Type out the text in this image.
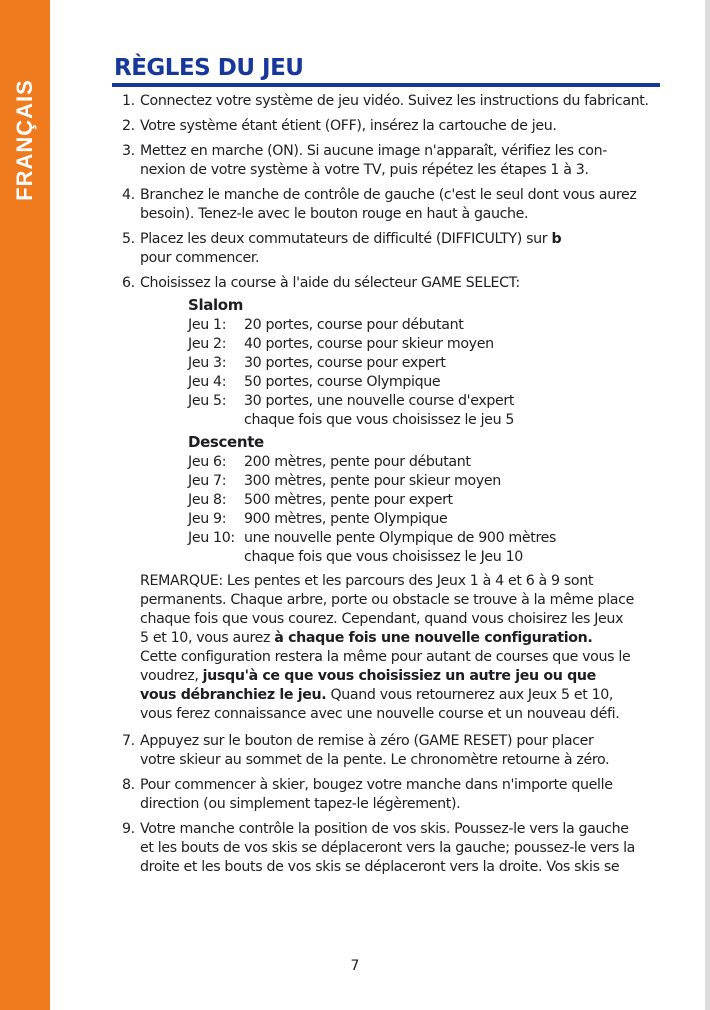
FRANÇAIS
RÈGLES DU JEU
1. Connectez votre système de jeu vidéo. Suivez les instructions du fabricant.

2. Votre système étant étient (OFF), insérez la cartouche de jeu.

3. Mettez en marche (ON). Si aucune image n'apparaît, vérifiez les con-

nexion de votre système à votre TV, puis répétez les étapes 1 à 3.

4. Branchez le manche de contrôle de gauche (c'est le seul dont vous aurez

besoin). Tenez-le avec le bouton rouge en haut à gauche.

5. Placez les deux commutateurs de difficulté (DIFFICULTY) sur b

pour commencer.

6. Choisissez la course à l'aide du sélecteur GAME SELECT:

Slalom

Jeu 1: 20 portes, course pour débutant

Jeu 2: 40 portes, course pour skieur moyen

Jeu 3: 30 portes, course pour expert

Jeu 4: 50 portes, course Olympique

Jeu 5: 30 portes, une nouvelle course d'expert

chaque fois que vous choisissez le jeu 5

Descente

Jeu 6: 200 mètres, pente pour débutant

Jeu 7: 300 mètres, pente pour skieur moyen

Jeu 8: 500 mètres, pente pour expert

Jeu 9: 900 mètres, pente Olympique

Jeu 10: une nouvelle pente Olympique de 900 mètres

chaque fois que vous choisissez le Jeu 10

REMARQUE: Les pentes et les parcours des Jeux 1 à 4 et 6 à 9 sont

permanents. Chaque arbre, porte ou obstacle se trouve à la même place

chaque fois que vous courez. Cependant, quand vous choisirez les Jeux

5 et 10, vous aurez à chaque fois une nouvelle configuration.

Cette configuration restera la même pour autant de courses que vous le

voudrez, jusqu'à ce que vous choisissiez un autre jeu ou que

vous débranchiez le jeu. Quand vous retournerez aux Jeux 5 et 10,

vous ferez connaissance avec une nouvelle course et un nouveau défi.

7. Appuyez sur le bouton de remise à zéro (GAME RESET) pour placer

votre skieur au sommet de la pente. Le chronomètre retourne à zéro.

8. Pour commencer à skier, bougez votre manche dans n'importe quelle

direction (ou simplement tapez-le légèrement).

9. Votre manche contrôle la position de vos skis. Poussez-le vers la gauche

et les bouts de vos skis se déplaceront vers la gauche; poussez-le vers la

droite et les bouts de vos skis se déplaceront vers la droite. Vos skis se

7
